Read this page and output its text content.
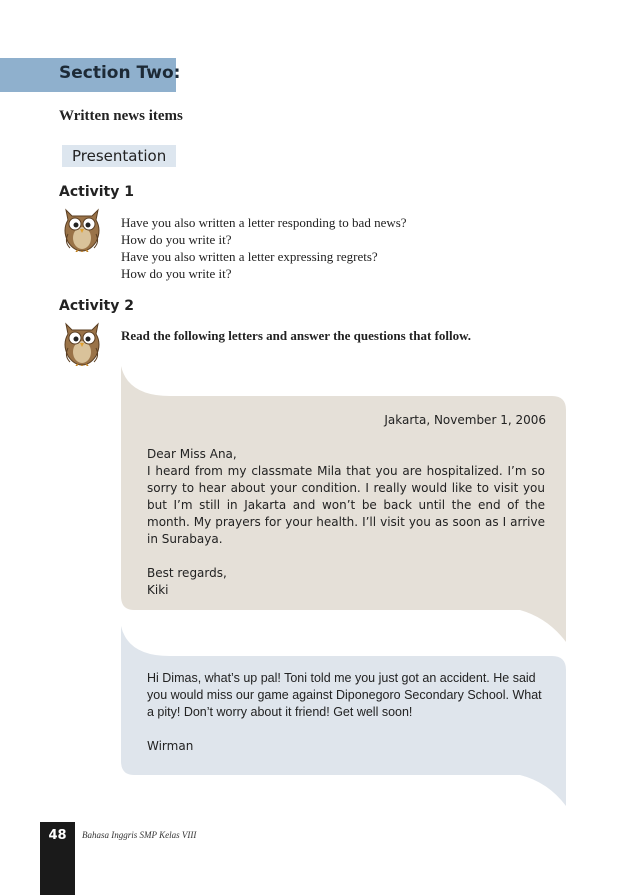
Section Two:
Written news items
Presentation
Activity 1
Have you also written a letter responding to bad news?
How do you write it?
Have you also written a letter expressing regrets?
How do you write it?
Activity 2
Read the following letters and answer the questions that follow.
Jakarta, November 1, 2006

Dear Miss Ana,

I heard from my classmate Mila that you are hospitalized. I’m so sorry to hear about your condition. I really would like to visit you but I’m still in Jakarta and won’t be back until the end of the month. My prayers for your health. I’ll visit you as soon as I arrive in Surabaya.

Best regards,

Kiki

Hi Dimas, what’s up pal! Toni told me you just got an accident. He said you would miss our game against Diponegoro Secondary School. What a pity! Don’t worry about it friend! Get well soon!

Wirman

48	Bahasa Inggris SMP Kelas VIII
